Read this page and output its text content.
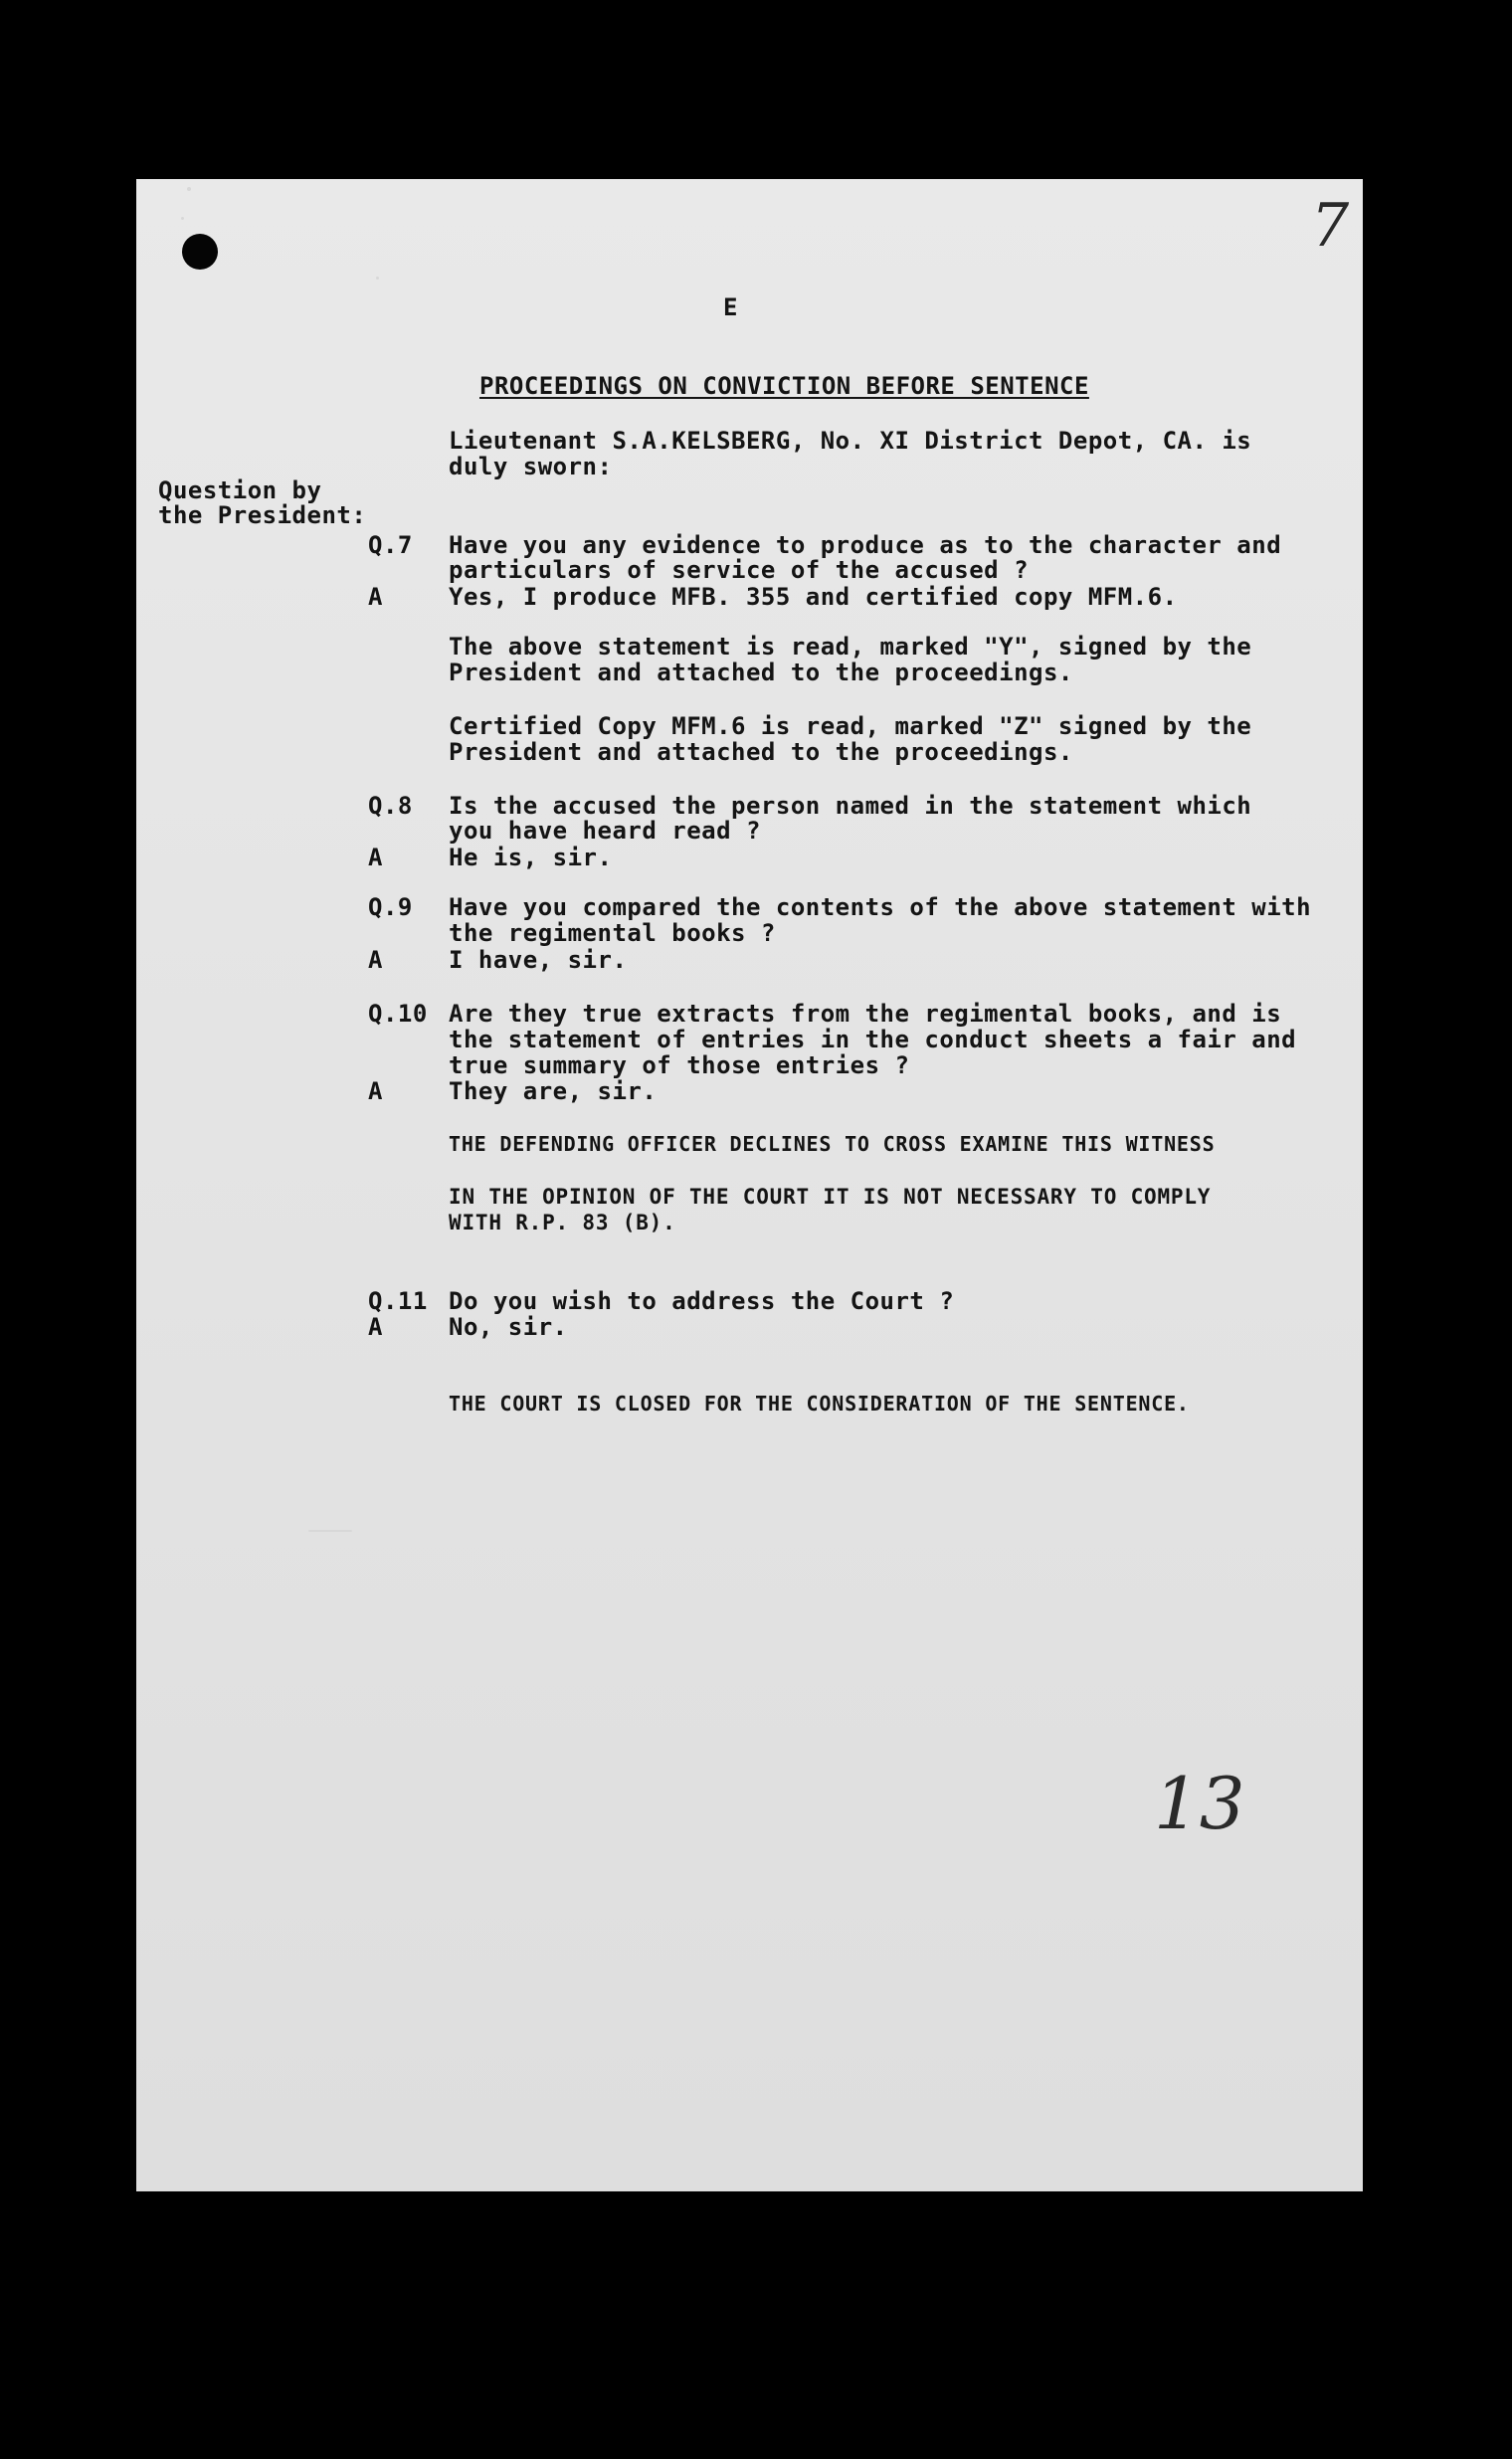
7
E
PROCEEDINGS ON CONVICTION BEFORE SENTENCE
Lieutenant S.A.KELSBERG, No. XI District Depot, CA. is
duly sworn:
Question by
the President:
Q.7 Have you any evidence to produce as to the character and
particulars of service of the accused ?
A	Yes, I produce MFB. 355 and certified copy MFM.6.
The above statement is read, marked "Y", signed by the
President and attached to the proceedings.
Certified Copy MFM.6 is read, marked "Z" signed by the
President and attached to the proceedings.
Q.8 Is the accused the person named in the statement which
you have heard read ?
A	He is, sir.
Q.9 Have you compared the contents of the above statement with
the regimental books ?
A	I have, sir.
Q.10 Are they true extracts from the regimental books, and is
the statement of entries in the conduct sheets a fair and
true summary of those entries ?
A	They are, sir.
THE DEFENDING OFFICER DECLINES TO CROSS EXAMINE THIS WITNESS
IN THE OPINION OF THE COURT IT IS NOT NECESSARY TO COMPLY
WITH R.P. 83 (B).
Q.11 Do you wish to address the Court ?
A	No, sir.
THE COURT IS CLOSED FOR THE CONSIDERATION OF THE SENTENCE.
13
